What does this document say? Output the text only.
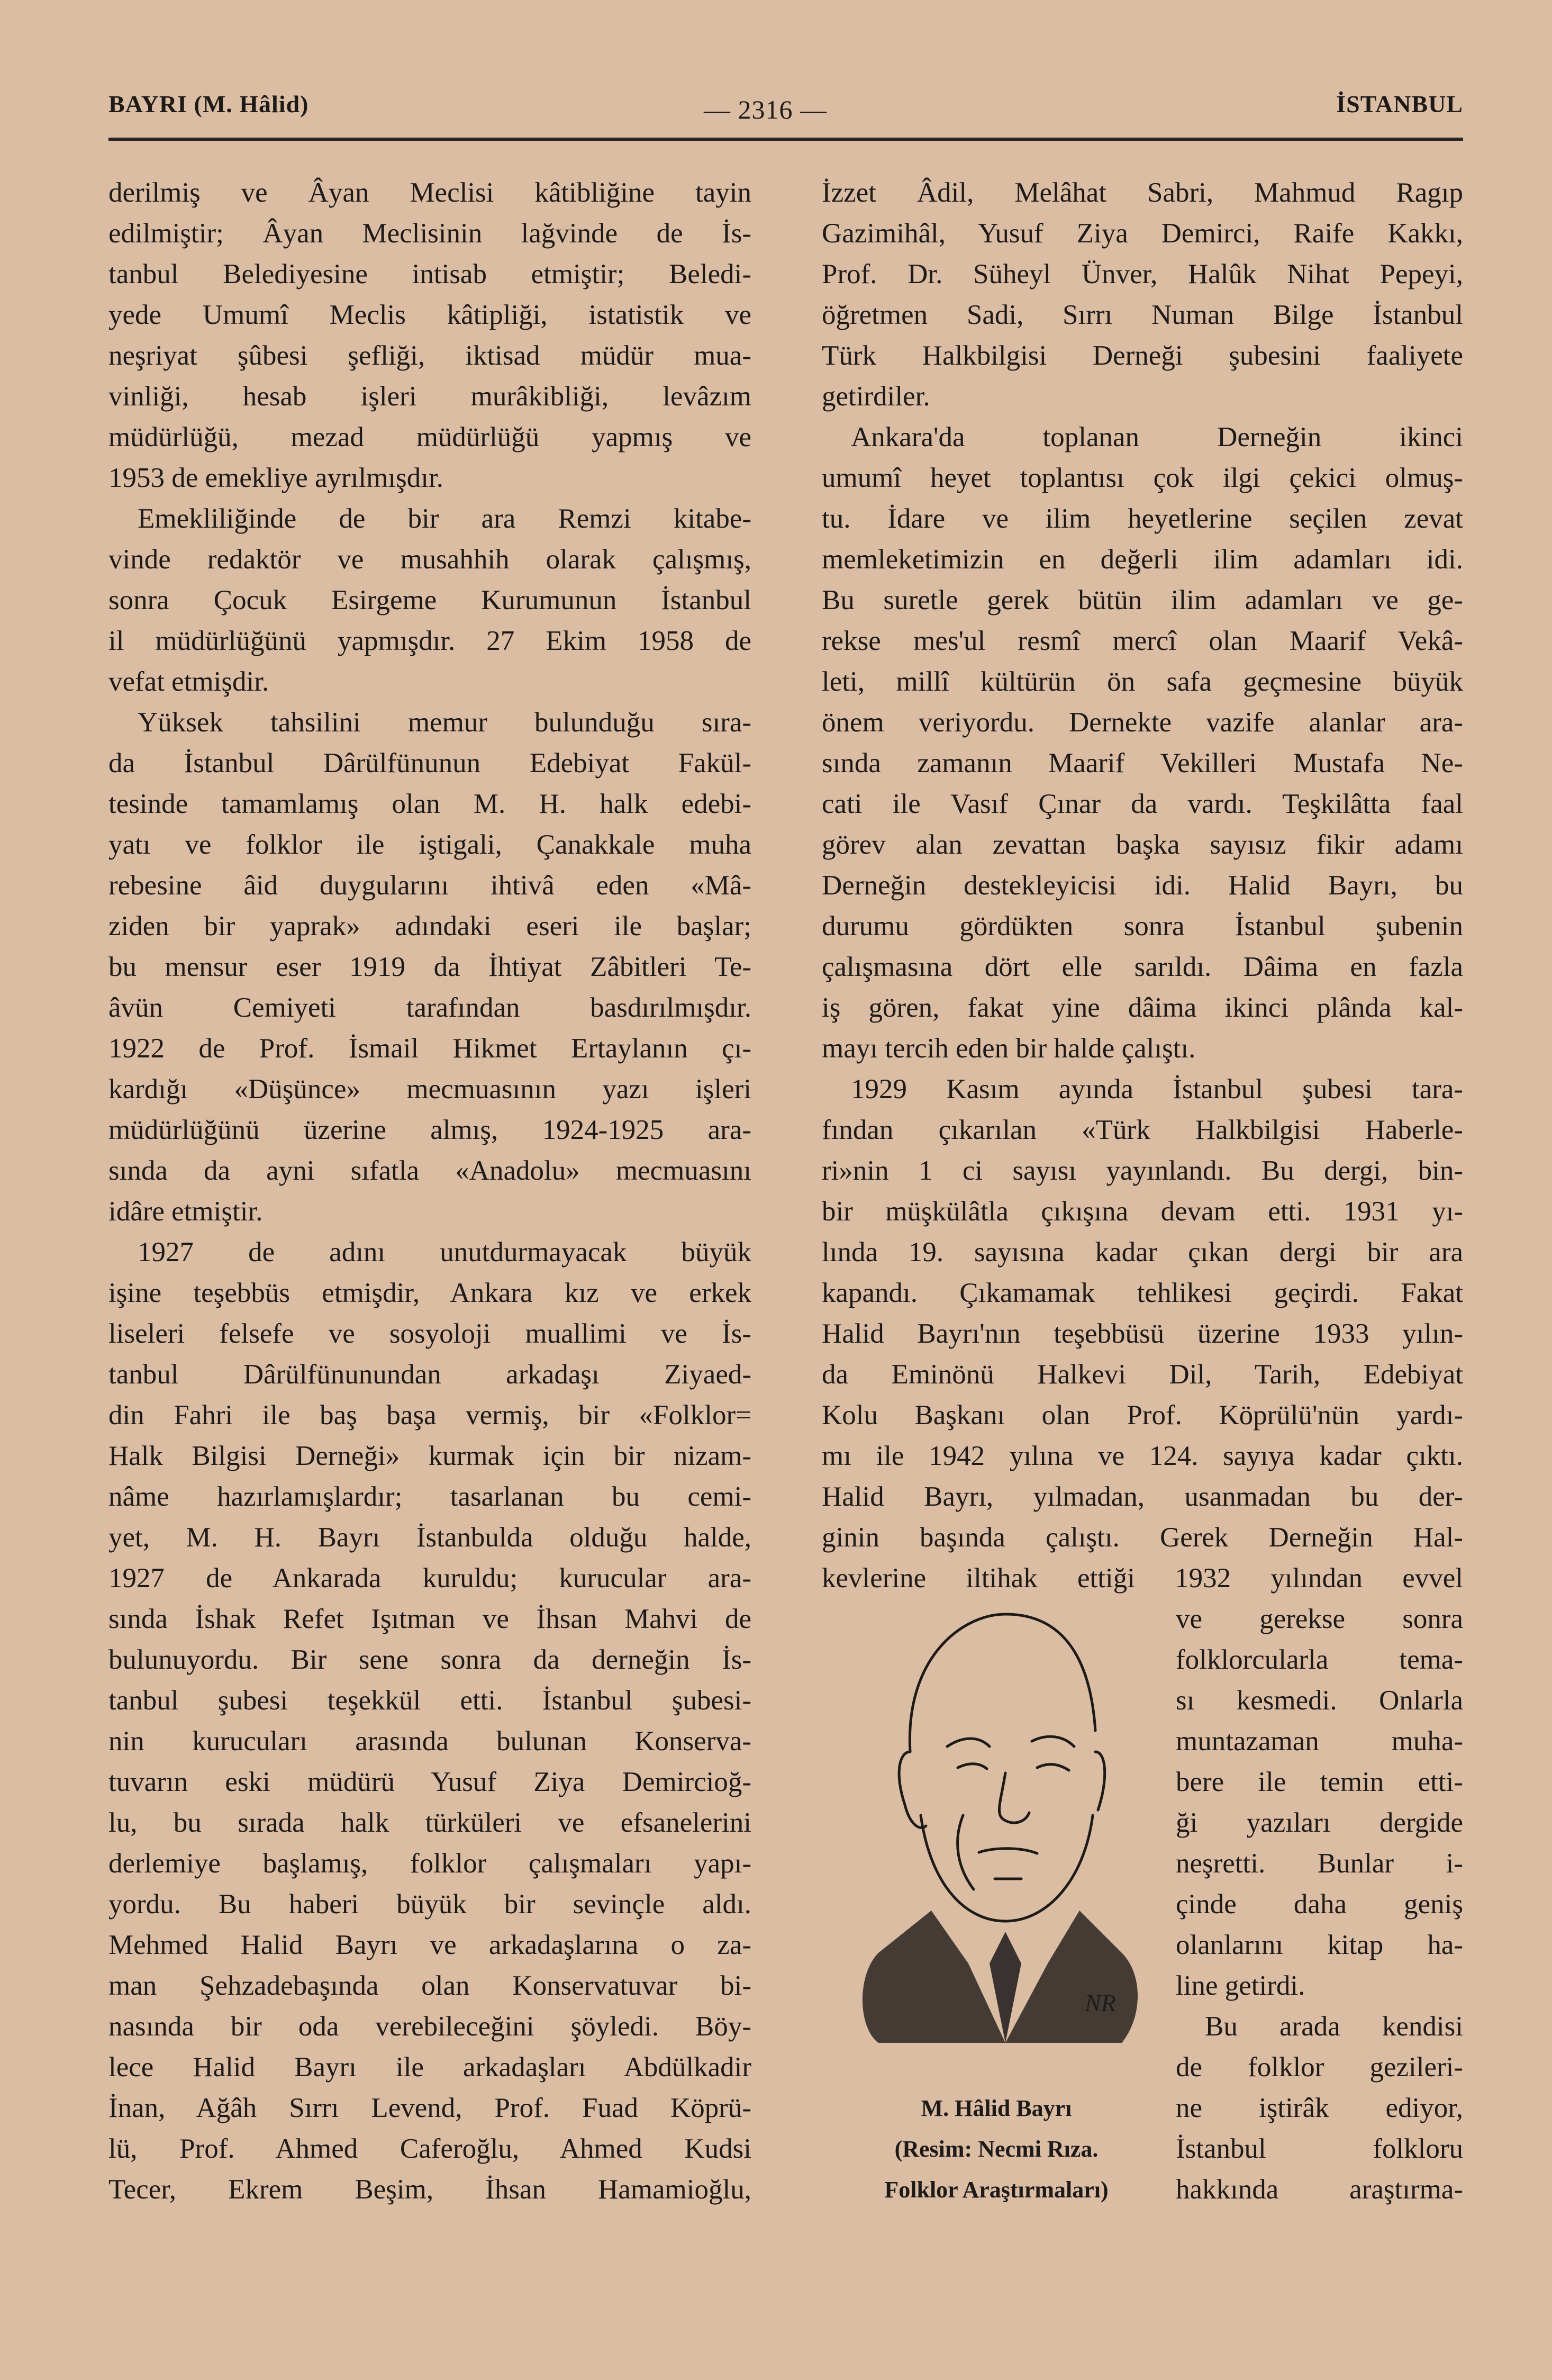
BAYRI (M. Hâlid)	— 2316 —	İSTANBUL
derilmiş ve Âyan Meclisi kâtibliğine tayin
edilmiştir; Âyan Meclisinin lağvinde de İs-
tanbul Belediyesine intisab etmiştir; Beledi-
yede Umumî Meclis kâtipliği, istatistik ve
neşriyat şûbesi şefliği, iktisad müdür mua-
vinliği, hesab işleri murâkibliği, levâzım
müdürlüğü, mezad müdürlüğü yapmış ve
1953 de emekliye ayrılmışdır.
Emekliliğinde de bir ara Remzi kitabe-
vinde redaktör ve musahhih olarak çalışmış,
sonra Çocuk Esirgeme Kurumunun İstanbul
il müdürlüğünü yapmışdır. 27 Ekim 1958 de
vefat etmişdir.
Yüksek tahsilini memur bulunduğu sıra-
da İstanbul Dârülfünunun Edebiyat Fakül-
tesinde tamamlamış olan M. H. halk edebi-
yatı ve folklor ile iştigali, Çanakkale muha
rebesine âid duygularını ihtivâ eden «Mâ-
ziden bir yaprak» adındaki eseri ile başlar;
bu mensur eser 1919 da İhtiyat Zâbitleri Te-
âvün Cemiyeti tarafından basdırılmışdır.
1922 de Prof. İsmail Hikmet Ertaylanın çı-
kardığı «Düşünce» mecmuasının yazı işleri
müdürlüğünü üzerine almış, 1924-1925 ara-
sında da ayni sıfatla «Anadolu» mecmuasını
idâre etmiştir.
1927 de adını unutdurmayacak büyük
işine teşebbüs etmişdir, Ankara kız ve erkek
liseleri felsefe ve sosyoloji muallimi ve İs-
tanbul Dârülfünunundan arkadaşı Ziyaed-
din Fahri ile baş başa vermiş, bir «Folklor=
Halk Bilgisi Derneği» kurmak için bir nizam-
nâme hazırlamışlardır; tasarlanan bu cemi-
yet, M. H. Bayrı İstanbulda olduğu halde,
1927 de Ankarada kuruldu; kurucular ara-
sında İshak Refet Işıtman ve İhsan Mahvi de
bulunuyordu. Bir sene sonra da derneğin İs-
tanbul şubesi teşekkül etti. İstanbul şubesi-
nin kurucuları arasında bulunan Konserva-
tuvarın eski müdürü Yusuf Ziya Demircioğ-
lu, bu sırada halk türküleri ve efsanelerini
derlemiye başlamış, folklor çalışmaları yapı-
yordu. Bu haberi büyük bir sevinçle aldı.
Mehmed Halid Bayrı ve arkadaşlarına o za-
man Şehzadebaşında olan Konservatuvar bi-
nasında bir oda verebileceğini şöyledi. Böy-
lece Halid Bayrı ile arkadaşları Abdülkadir
İnan, Ağâh Sırrı Levend, Prof. Fuad Köprü-
lü, Prof. Ahmed Caferoğlu, Ahmed Kudsi
Tecer, Ekrem Beşim, İhsan Hamamioğlu,
İzzet Âdil, Melâhat Sabri, Mahmud Ragıp
Gazimihâl, Yusuf Ziya Demirci, Raife Kakkı,
Prof. Dr. Süheyl Ünver, Halûk Nihat Pepeyi,
öğretmen Sadi, Sırrı Numan Bilge İstanbul
Türk Halkbilgisi Derneği şubesini faaliyete
getirdiler.
Ankara'da toplanan Derneğin ikinci
umumî heyet toplantısı çok ilgi çekici olmuş-
tu. İdare ve ilim heyetlerine seçilen zevat
memleketimizin en değerli ilim adamları idi.
Bu suretle gerek bütün ilim adamları ve ge-
rekse mes'ul resmî mercî olan Maarif Vekâ-
leti, millî kültürün ön safa geçmesine büyük
önem veriyordu. Dernekte vazife alanlar ara-
sında zamanın Maarif Vekilleri Mustafa Ne-
cati ile Vasıf Çınar da vardı. Teşkilâtta faal
görev alan zevattan başka sayısız fikir adamı
Derneğin destekleyicisi idi. Halid Bayrı, bu
durumu gördükten sonra İstanbul şubenin
çalışmasına dört elle sarıldı. Dâima en fazla
iş gören, fakat yine dâima ikinci plânda kal-
mayı tercih eden bir halde çalıştı.
1929 Kasım ayında İstanbul şubesi tara-
fından çıkarılan «Türk Halkbilgisi Haberle-
ri»nin 1 ci sayısı yayınlandı. Bu dergi, bin-
bir müşkülâtla çıkışına devam etti. 1931 yı-
lında 19. sayısına kadar çıkan dergi bir ara
kapandı. Çıkamamak tehlikesi geçirdi. Fakat
Halid Bayrı'nın teşebbüsü üzerine 1933 yılın-
da Eminönü Halkevi Dil, Tarih, Edebiyat
Kolu Başkanı olan Prof. Köprülü'nün yardı-
mı ile 1942 yılına ve 124. sayıya kadar çıktı.
Halid Bayrı, yılmadan, usanmadan bu der-
ginin başında çalıştı. Gerek Derneğin Hal-
kevlerine iltihak ettiği 1932 yılından evvel
ve gerekse sonra
folklorcularla tema-
sı kesmedi. Onlarla
muntazaman muha-
bere ile temin etti-
ği yazıları dergide
neşretti. Bunlar i-
çinde daha geniş
olanlarını kitap ha-
line getirdi.
Bu arada kendisi
de folklor gezileri-
ne iştirâk ediyor,
İstanbul folkloru
hakkında araştırma-
NR
M. Hâlid Bayrı
(Resim: Necmi Rıza.
Folklor Araştırmaları)
